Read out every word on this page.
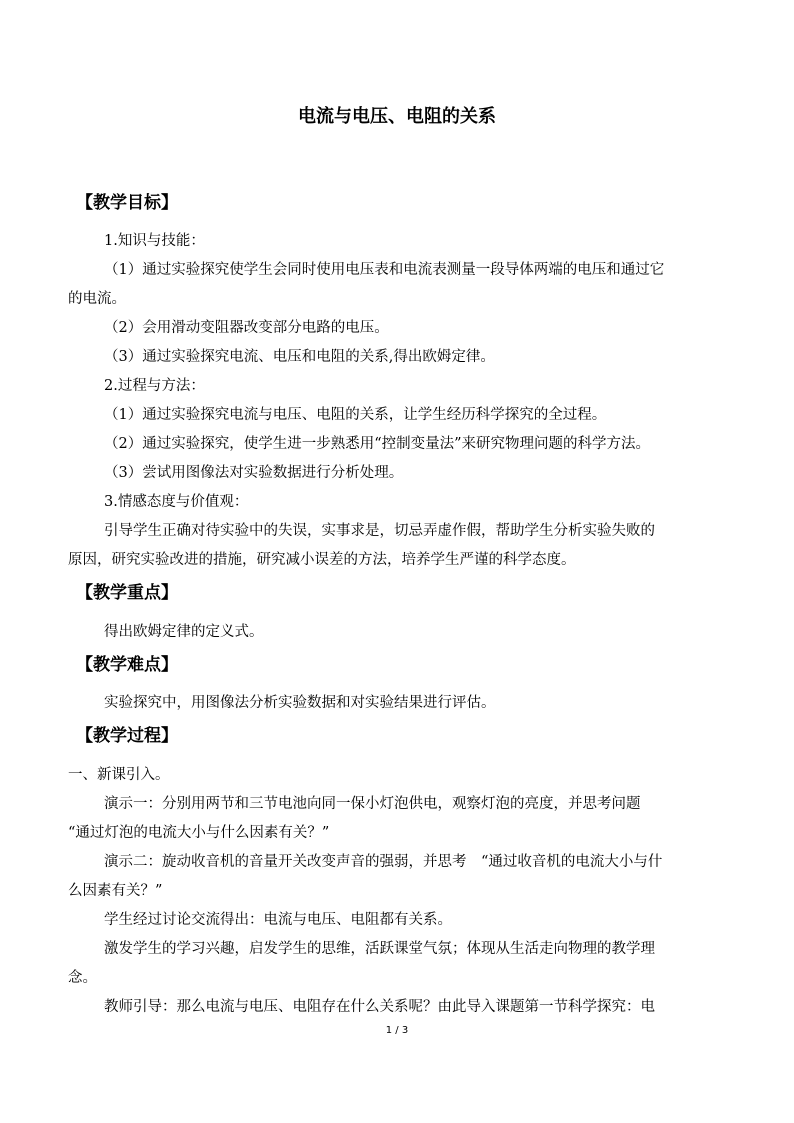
电流与电压、电阻的关系
【教学目标】
1.知识与技能：
（1）通过实验探究使学生会同时使用电压表和电流表测量一段导体两端的电压和通过它
的电流。
（2）会用滑动变阻器改变部分电路的电压。
（3）通过实验探究电流、电压和电阻的关系,得出欧姆定律。
2.过程与方法：
（1）通过实验探究电流与电压、电阻的关系，让学生经历科学探究的全过程。
（2）通过实验探究，使学生进一步熟悉用“控制变量法”来研究物理问题的科学方法。
（3）尝试用图像法对实验数据进行分析处理。
3.情感态度与价值观：
引导学生正确对待实验中的失误，实事求是，切忌弄虚作假，帮助学生分析实验失败的
原因，研究实验改进的措施，研究减小误差的方法，培养学生严谨的科学态度。
【教学重点】
得出欧姆定律的定义式。
【教学难点】
实验探究中，用图像法分析实验数据和对实验结果进行评估。
【教学过程】
一、新课引入。
演示一：分别用两节和三节电池向同一保小灯泡供电，观察灯泡的亮度，并思考问题
“通过灯泡的电流大小与什么因素有关？”
演示二：旋动收音机的音量开关改变声音的强弱，并思考　“通过收音机的电流大小与什
么因素有关？”
学生经过讨论交流得出：电流与电压、电阻都有关系。
激发学生的学习兴趣，启发学生的思维，活跃课堂气氛；体现从生活走向物理的教学理
念。
教师引导：那么电流与电压、电阻存在什么关系呢？由此导入课题第一节科学探究：电
1 / 3
